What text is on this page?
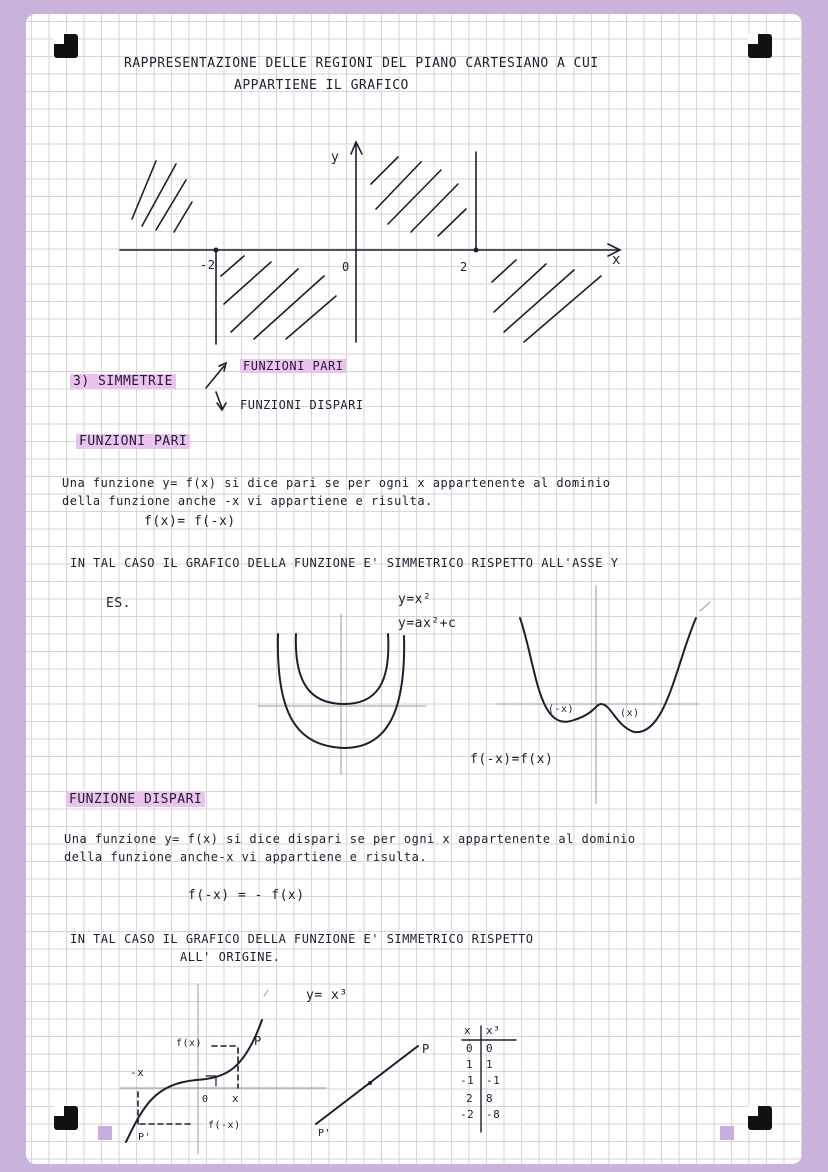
RAPPRESENTAZIONE DELLE REGIONI DEL PIANO CARTESIANO A CUI
APPARTIENE IL GRAFICO
y
x
-2	0	2
3) SIMMETRIE
FUNZIONI PARI
FUNZIONI DISPARI
FUNZIONI PARI
Una funzione y= f(x) si dice pari se per ogni x appartenente al dominio
della funzione anche -x vi appartiene e risulta.
f(x)= f(-x)
IN TAL CASO IL GRAFICO DELLA FUNZIONE E' SIMMETRICO RISPETTO ALL'ASSE Y
ES.	y=x²
y=ax²+c
(-x)	(x)
f(-x)=f(x)
FUNZIONE DISPARI
Una funzione y= f(x) si dice dispari se per ogni x appartenente al dominio
della funzione anche-x vi appartiene e risulta.
f(-x) = - f(x)
IN TAL CASO IL GRAFICO DELLA FUNZIONE E' SIMMETRICO RISPETTO
ALL' ORIGINE.
y= x³
f(x)	P
-x
0 x
P'
f(-x)
P
P'
x x³
0 0
1 1
-1 -1
2 8
-2 -8
